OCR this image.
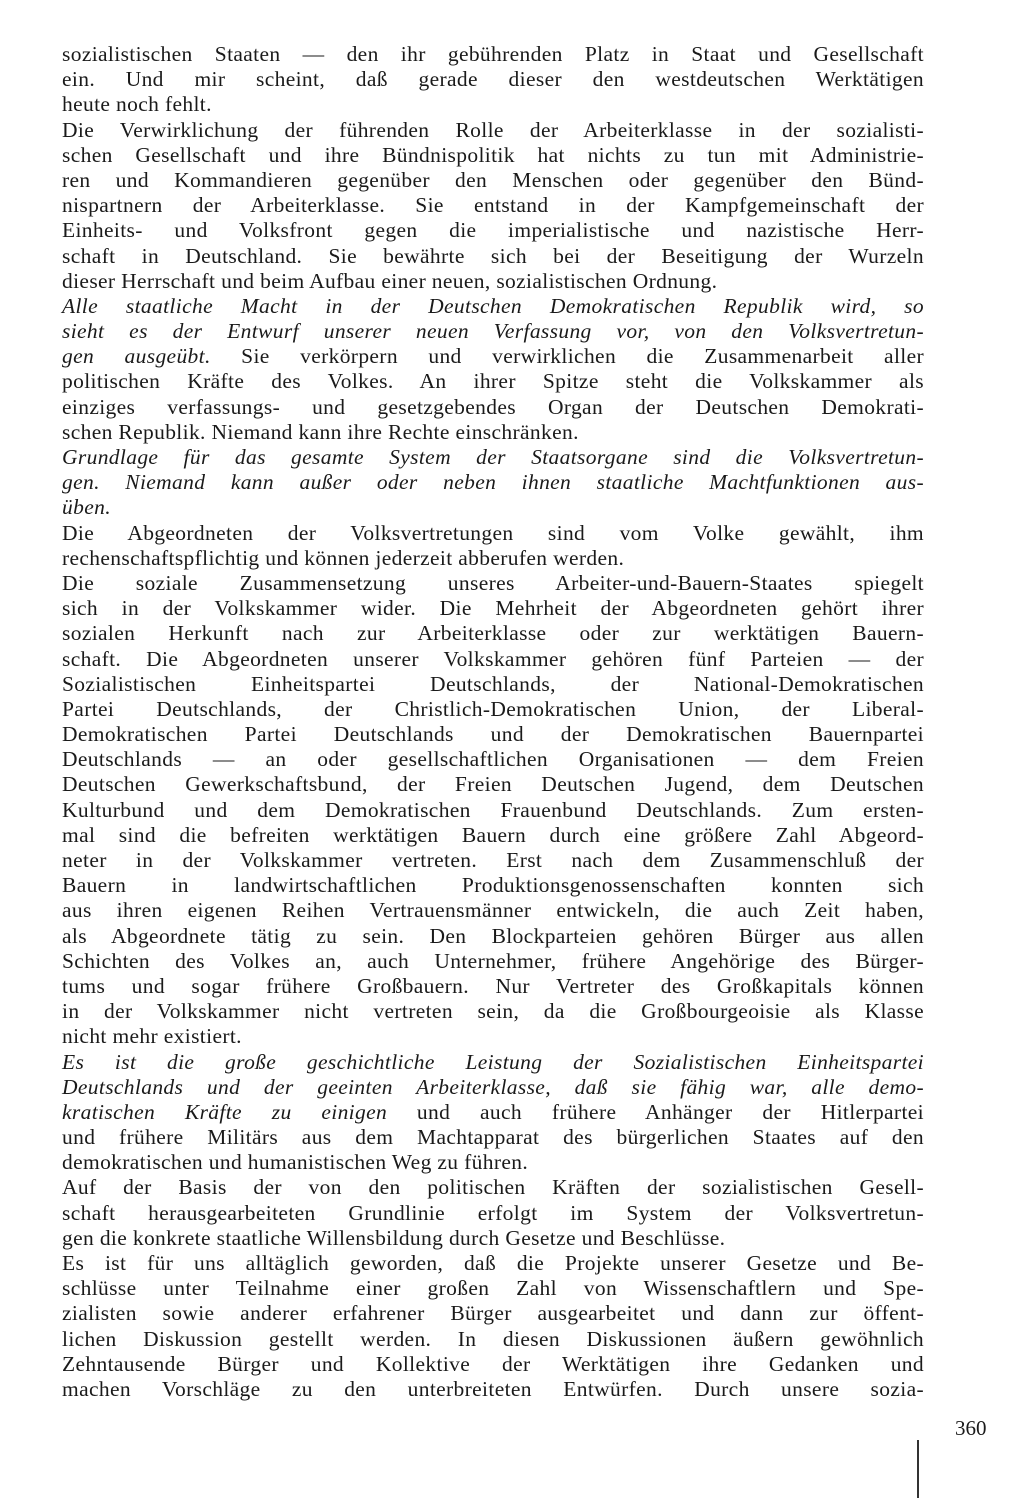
sozialistischen Staaten — den ihr gebührenden Platz in Staat und Gesellschaft
ein. Und mir scheint, daß gerade dieser den westdeutschen Werktätigen
heute noch fehlt.
Die Verwirklichung der führenden Rolle der Arbeiterklasse in der sozialisti-
schen Gesellschaft und ihre Bündnispolitik hat nichts zu tun mit Administrie-
ren und Kommandieren gegenüber den Menschen oder gegenüber den Bünd-
nispartnern der Arbeiterklasse. Sie entstand in der Kampfgemeinschaft der
Einheits- und Volksfront gegen die imperialistische und nazistische Herr-
schaft in Deutschland. Sie bewährte sich bei der Beseitigung der Wurzeln
dieser Herrschaft und beim Aufbau einer neuen, sozialistischen Ordnung.
Alle staatliche Macht in der Deutschen Demokratischen Republik wird, so
sieht es der Entwurf unserer neuen Verfassung vor, von den Volksvertretun-
gen ausgeübt. Sie verkörpern und verwirklichen die Zusammenarbeit aller
politischen Kräfte des Volkes. An ihrer Spitze steht die Volkskammer als
einziges verfassungs- und gesetzgebendes Organ der Deutschen Demokrati-
schen Republik. Niemand kann ihre Rechte einschränken.
Grundlage für das gesamte System der Staatsorgane sind die Volksvertretun-
gen. Niemand kann außer oder neben ihnen staatliche Machtfunktionen aus-
üben.
Die Abgeordneten der Volksvertretungen sind vom Volke gewählt, ihm
rechenschaftspflichtig und können jederzeit abberufen werden.
Die soziale Zusammensetzung unseres Arbeiter-und-Bauern-Staates spiegelt
sich in der Volkskammer wider. Die Mehrheit der Abgeordneten gehört ihrer
sozialen Herkunft nach zur Arbeiterklasse oder zur werktätigen Bauern-
schaft. Die Abgeordneten unserer Volkskammer gehören fünf Parteien — der
Sozialistischen Einheitspartei Deutschlands, der National-Demokratischen
Partei Deutschlands, der Christlich-Demokratischen Union, der Liberal-
Demokratischen Partei Deutschlands und der Demokratischen Bauernpartei
Deutschlands — an oder gesellschaftlichen Organisationen — dem Freien
Deutschen Gewerkschaftsbund, der Freien Deutschen Jugend, dem Deutschen
Kulturbund und dem Demokratischen Frauenbund Deutschlands. Zum ersten-
mal sind die befreiten werktätigen Bauern durch eine größere Zahl Abgeord-
neter in der Volkskammer vertreten. Erst nach dem Zusammenschluß der
Bauern in landwirtschaftlichen Produktionsgenossenschaften konnten sich
aus ihren eigenen Reihen Vertrauensmänner entwickeln, die auch Zeit haben,
als Abgeordnete tätig zu sein. Den Blockparteien gehören Bürger aus allen
Schichten des Volkes an, auch Unternehmer, frühere Angehörige des Bürger-
tums und sogar frühere Großbauern. Nur Vertreter des Großkapitals können
in der Volkskammer nicht vertreten sein, da die Großbourgeoisie als Klasse
nicht mehr existiert.
Es ist die große geschichtliche Leistung der Sozialistischen Einheitspartei
Deutschlands und der geeinten Arbeiterklasse, daß sie fähig war, alle demo-
kratischen Kräfte zu einigen und auch frühere Anhänger der Hitlerpartei
und frühere Militärs aus dem Machtapparat des bürgerlichen Staates auf den
demokratischen und humanistischen Weg zu führen.
Auf der Basis der von den politischen Kräften der sozialistischen Gesell-
schaft herausgearbeiteten Grundlinie erfolgt im System der Volksvertretun-
gen die konkrete staatliche Willensbildung durch Gesetze und Beschlüsse.
Es ist für uns alltäglich geworden, daß die Projekte unserer Gesetze und Be-
schlüsse unter Teilnahme einer großen Zahl von Wissenschaftlern und Spe-
zialisten sowie anderer erfahrener Bürger ausgearbeitet und dann zur öffent-
lichen Diskussion gestellt werden. In diesen Diskussionen äußern gewöhnlich
Zehntausende Bürger und Kollektive der Werktätigen ihre Gedanken und
machen Vorschläge zu den unterbreiteten Entwürfen. Durch unsere sozia-
360
